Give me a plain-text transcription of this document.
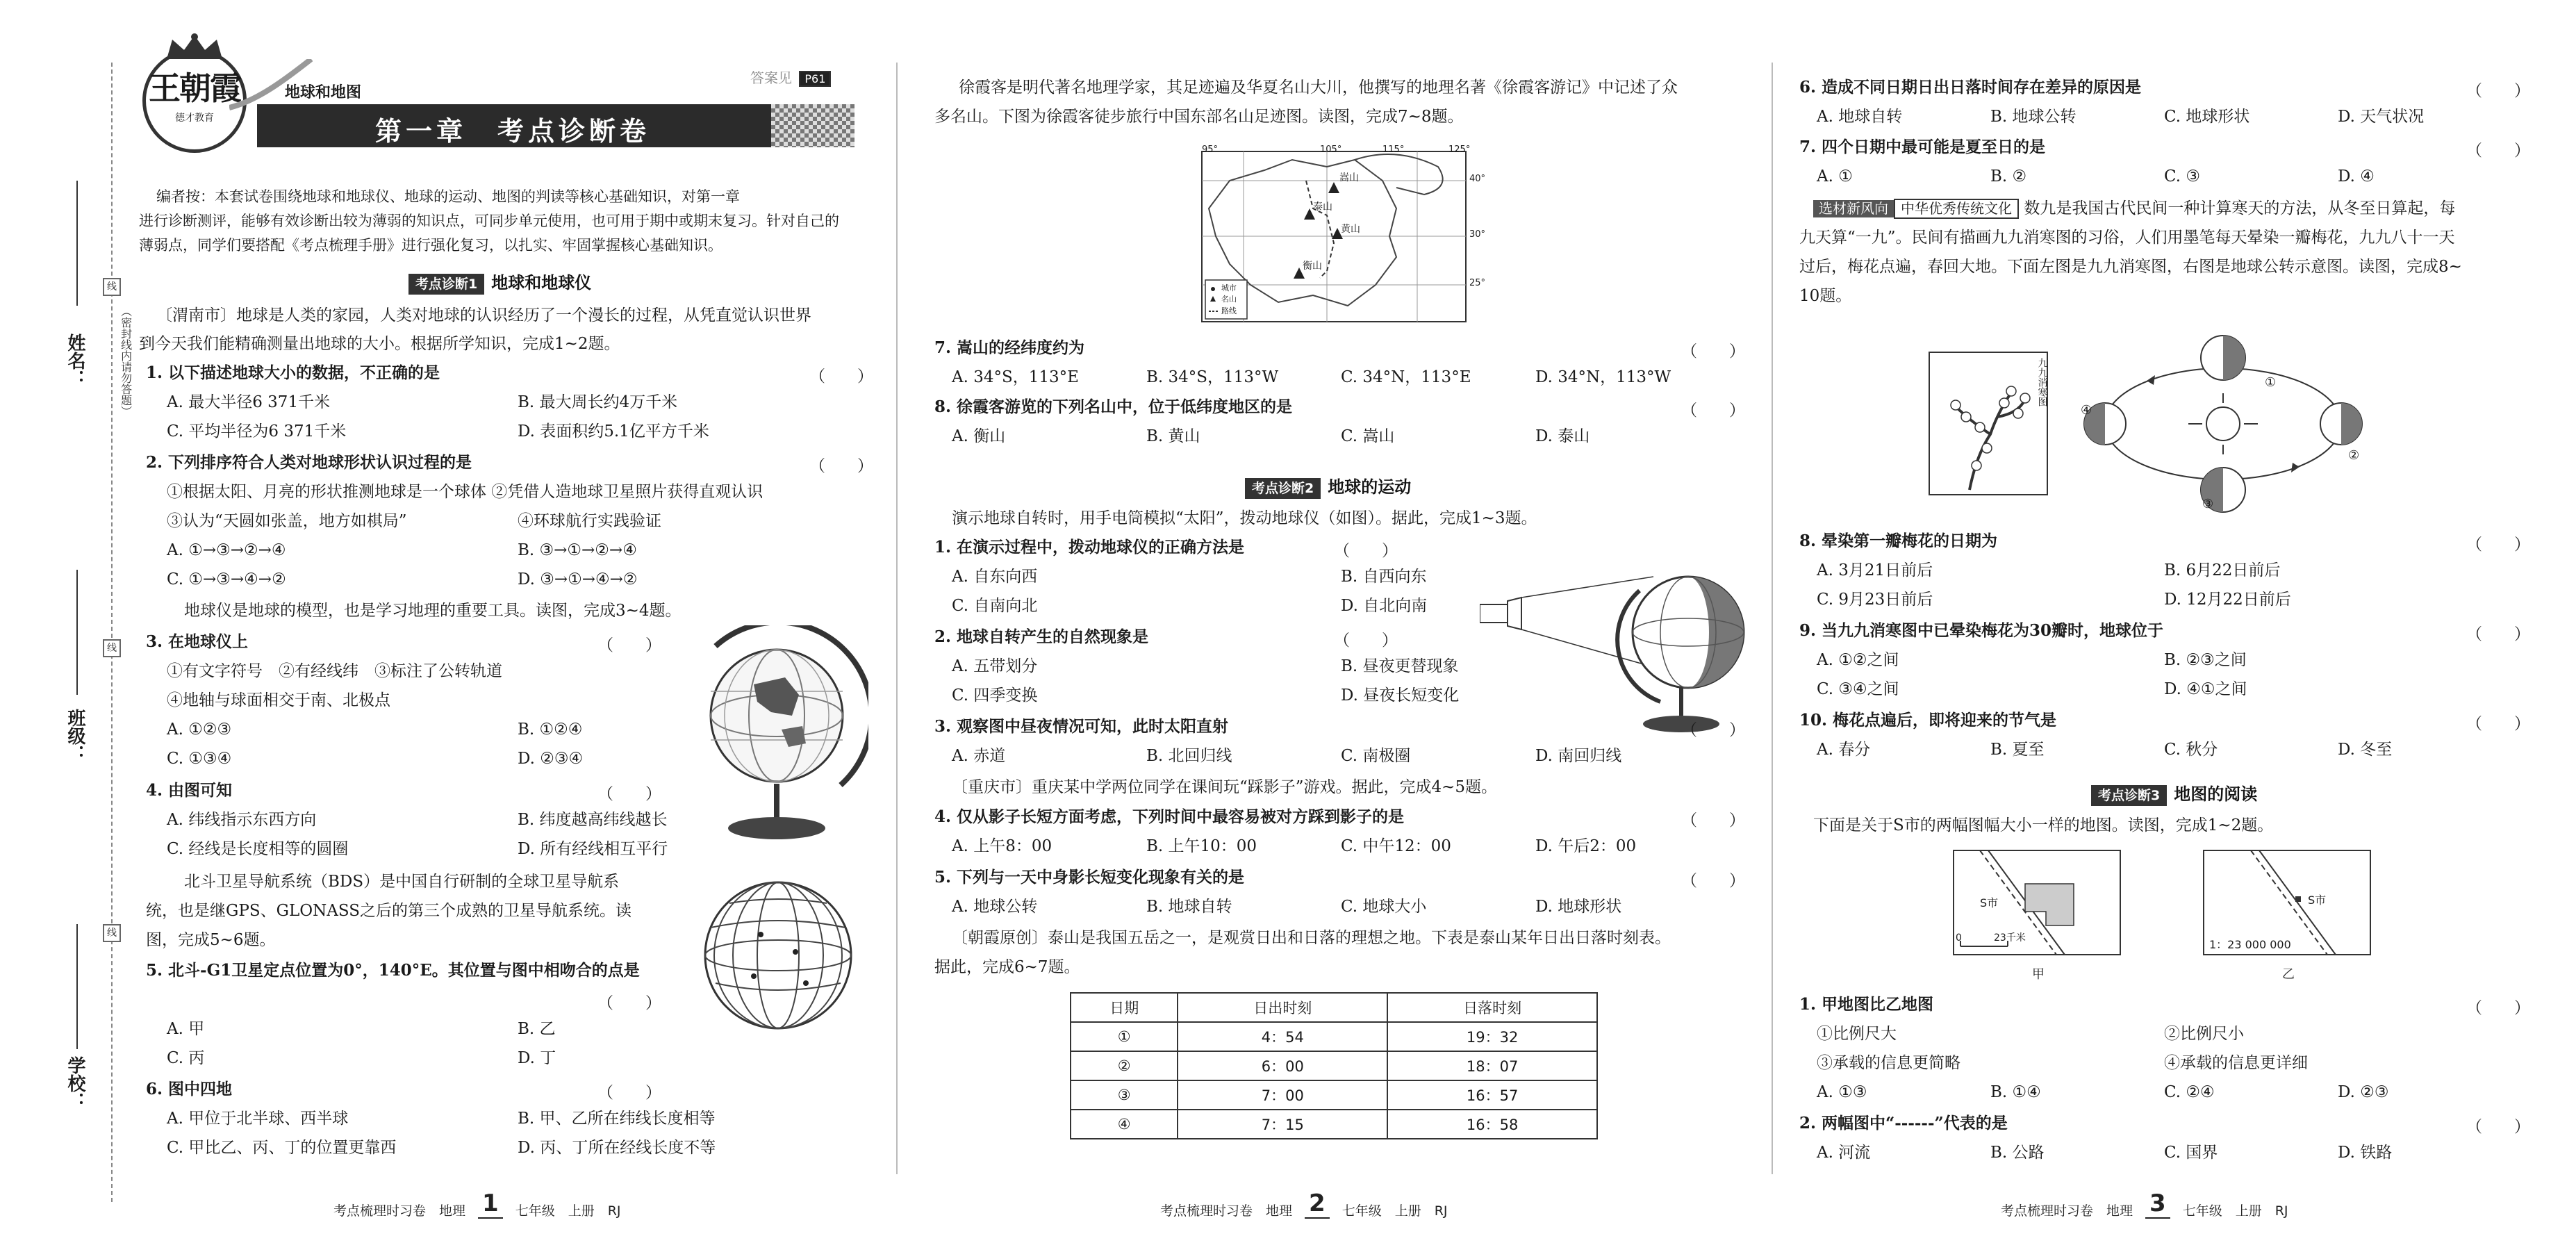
姓名：
班级：
学校：
（密封线内请勿答题）
线
线
线
王朝霞
德才教育
地球和地图
答案见 P61
第一章　考点诊断卷
编者按：本套试卷围绕地球和地球仪、地球的运动、地图的判读等核心基础知识，对第一章
进行诊断测评，能够有效诊断出较为薄弱的知识点，可同步单元使用，也可用于期中或期末复习。针对自己的
薄弱点，同学们要搭配《考点梳理手册》进行强化复习，以扎实、牢固掌握核心基础知识。
考点诊断1 地球和地球仪
〔渭南市〕地球是人类的家园，人类对地球的认识经历了一个漫长的过程，从凭直觉认识世界
到今天我们能精确测量出地球的大小。根据所学知识，完成1~2题。
1. 以下描述地球大小的数据，不正确的是	（　　）
A. 最大半径6 371千米	B. 最大周长约4万千米
C. 平均半径为6 371千米	D. 表面积约5.1亿平方千米
2. 下列排序符合人类对地球形状认识过程的是	（　　）
①根据太阳、月亮的形状推测地球是一个球体 ②凭借人造地球卫星照片获得直观认识
③认为“天圆如张盖，地方如棋局”	④环球航行实践验证
A. ①→③→②→④	B. ③→①→②→④
C. ①→③→④→②	D. ③→①→④→②
地球仪是地球的模型，也是学习地理的重要工具。读图，完成3~4题。
3. 在地球仪上	（　　）
①有文字符号　②有经线纬　③标注了公转轨道
④地轴与球面相交于南、北极点
A. ①②③	B. ①②④
C. ①③④	D. ②③④
4. 由图可知	（　　）
A. 纬线指示东西方向	B. 纬度越高纬线越长
C. 经线是长度相等的圆圈	D. 所有经线相互平行
北斗卫星导航系统（BDS）是中国自行研制的全球卫星导航系
统，也是继GPS、GLONASS之后的第三个成熟的卫星导航系统。读
图，完成5~6题。
5. 北斗-G1卫星定点位置为0°，140°E。其位置与图中相吻合的点是
（　　）
A. 甲	B. 乙
C. 丙	D. 丁
6. 图中四地	（　　）
A. 甲位于北半球、西半球	B. 甲、乙所在纬线长度相等
C. 甲比乙、丙、丁的位置更靠西	D. 丙、丁所在经线长度不等
考点梳理时习卷　地理 1 七年级　上册　RJ
徐霞客是明代著名地理学家，其足迹遍及华夏名山大川，他撰写的地理名著《徐霞客游记》中记述了众
多名山。下图为徐霞客徒步旅行中国东部名山足迹图。读图，完成7~8题。
95°	105°	115°	125°
40°
30°
25°
嵩山
泰山
黄山
衡山
城市
名山
路线
7. 嵩山的经纬度约为	（　　）
A. 34°S，113°E	B. 34°S，113°W	C. 34°N，113°E	D. 34°N，113°W
8. 徐霞客游览的下列名山中，位于低纬度地区的是	（　　）
A. 衡山	B. 黄山	C. 嵩山	D. 泰山
考点诊断2 地球的运动
演示地球自转时，用手电筒模拟“太阳”，拨动地球仪（如图）。据此，完成1~3题。
1. 在演示过程中，拨动地球仪的正确方法是	（　　）
A. 自东向西	B. 自西向东
C. 自南向北	D. 自北向南
2. 地球自转产生的自然现象是	（　　）
A. 五带划分	B. 昼夜更替现象
C. 四季变换	D. 昼夜长短变化
3. 观察图中昼夜情况可知，此时太阳直射	（　　）
A. 赤道	B. 北回归线	C. 南极圈	D. 南回归线
〔重庆市〕重庆某中学两位同学在课间玩“踩影子”游戏。据此，完成4~5题。
4. 仅从影子长短方面考虑，下列时间中最容易被对方踩到影子的是	（　　）
A. 上午8：00	B. 上午10：00	C. 中午12：00	D. 午后2：00
5. 下列与一天中身影长短变化现象有关的是	（　　）
A. 地球公转	B. 地球自转	C. 地球大小	D. 地球形状
〔朝霞原创〕泰山是我国五岳之一，是观赏日出和日落的理想之地。下表是泰山某年日出日落时刻表。
据此，完成6~7题。
日期	日出时刻	日落时刻
①	4：54	19：32
②	6：00	18：07
③	7：00	16：57
④	7：15	16：58
考点梳理时习卷　地理 2 七年级　上册　RJ
6. 造成不同日期日出日落时间存在差异的原因是	（　　）
A. 地球自转	B. 地球公转	C. 地球形状	D. 天气状况
7. 四个日期中最可能是夏至日的是	（　　）
A. ①	B. ②	C. ③	D. ④
选材新风向 中华优秀传统文化 数九是我国古代民间一种计算寒天的方法，从冬至日算起，每
九天算“一九”。民间有描画九九消寒图的习俗，人们用墨笔每天晕染一瓣梅花，九九八十一天
过后，梅花点遍，春回大地。下面左图是九九消寒图，右图是地球公转示意图。读图，完成8~
10题。
九九消寒图	①
②
③
④
8. 晕染第一瓣梅花的日期为	（　　）
A. 3月21日前后	B. 6月22日前后
C. 9月23日前后	D. 12月22日前后
9. 当九九消寒图中已晕染梅花为30瓣时，地球位于	（　　）
A. ①②之间	B. ②③之间
C. ③④之间	D. ④①之间
10. 梅花点遍后，即将迎来的节气是	（　　）
A. 春分	B. 夏至	C. 秋分	D. 冬至
考点诊断3 地图的阅读
下面是关于S市的两幅图幅大小一样的地图。读图，完成1~2题。
S市
0	23千米
甲
S市
1：23 000 000
乙
1. 甲地图比乙地图	（　　）
①比例尺大	②比例尺小
③承载的信息更简略	④承载的信息更详细
A. ①③	B. ①④	C. ②④	D. ②③
2. 两幅图中“------”代表的是	（　　）
A. 河流	B. 公路	C. 国界	D. 铁路
考点梳理时习卷　地理 3 七年级　上册　RJ
